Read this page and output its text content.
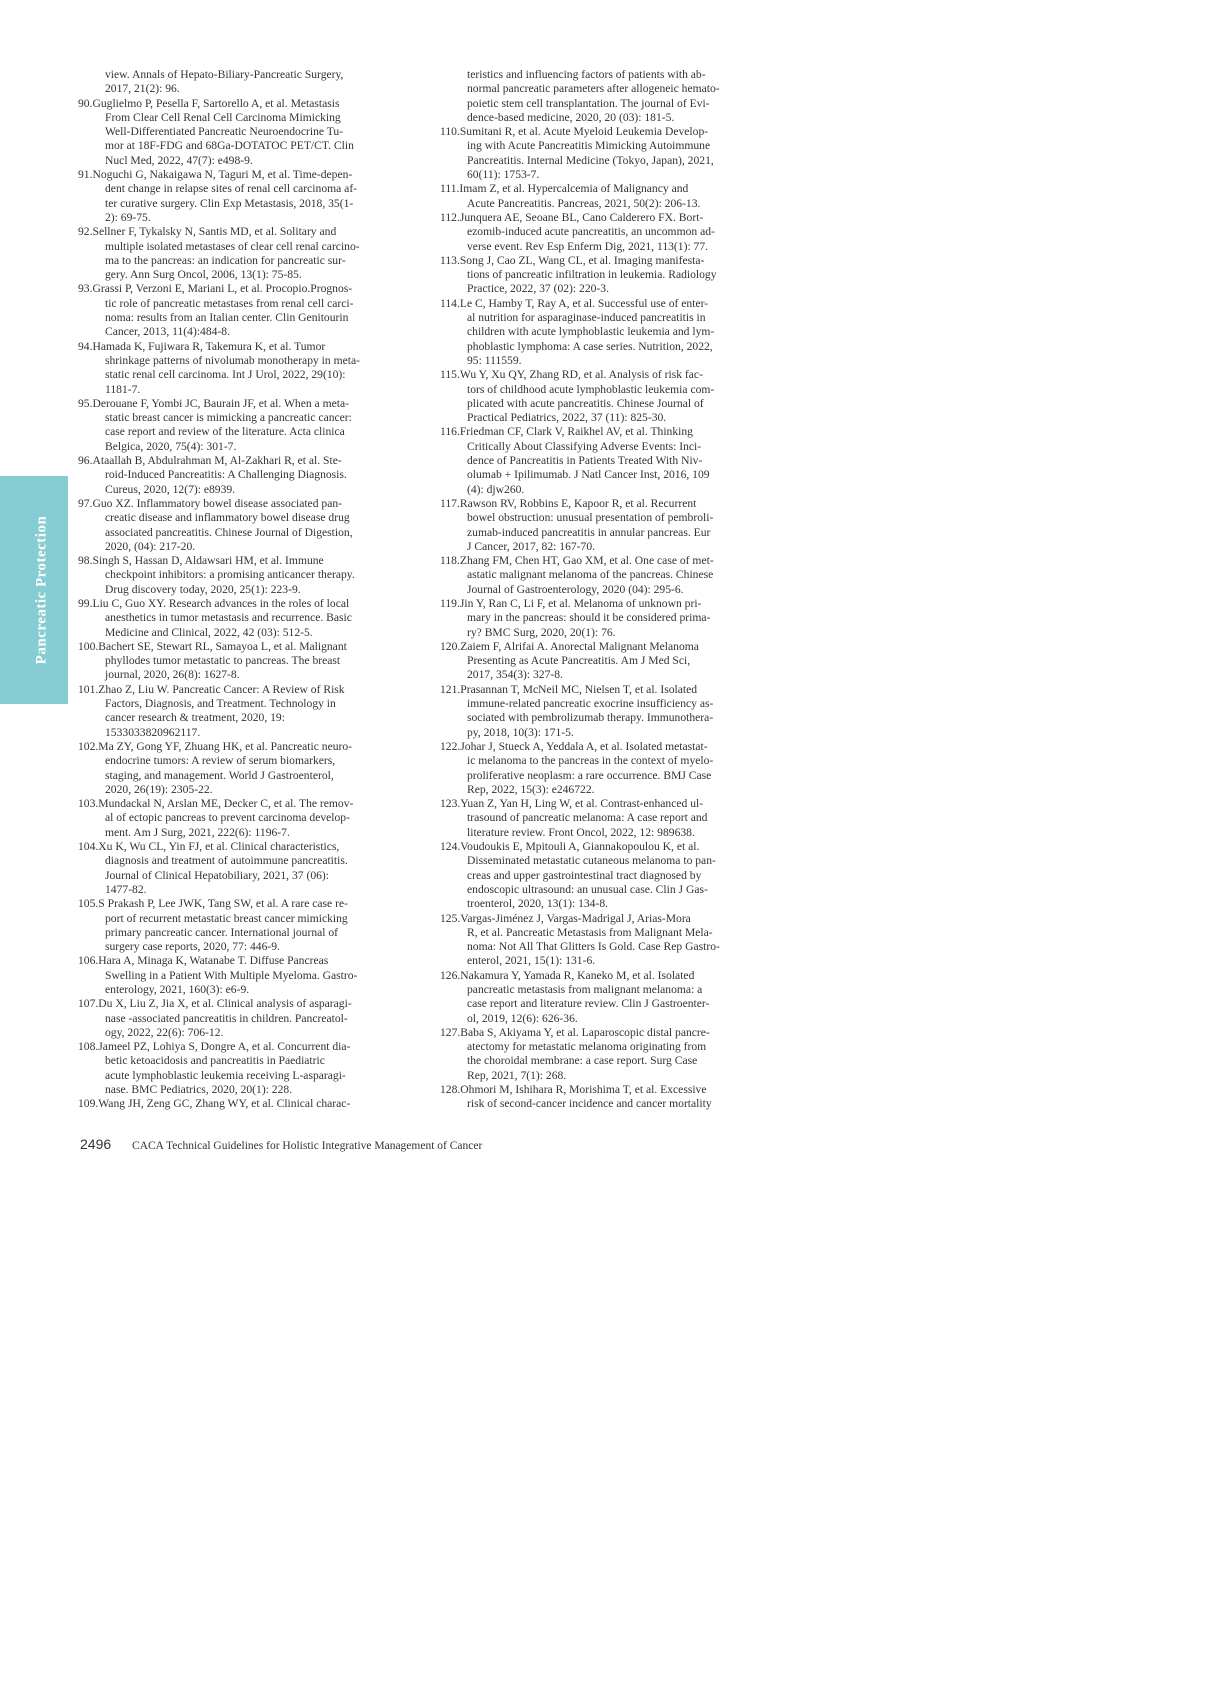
Pancreatic Protection
view. Annals of Hepato-Biliary-Pancreatic Surgery,
2017, 21(2): 96.
90.Guglielmo P, Pesella F, Sartorello A, et al. Metastasis
From Clear Cell Renal Cell Carcinoma Mimicking
Well-Differentiated Pancreatic Neuroendocrine Tu-
mor at 18F-FDG and 68Ga-DOTATOC PET/CT. Clin
Nucl Med, 2022, 47(7): e498-9.
91.Noguchi G, Nakaigawa N, Taguri M, et al. Time-depen-
dent change in relapse sites of renal cell carcinoma af-
ter curative surgery. Clin Exp Metastasis, 2018, 35(1-
2): 69-75.
92.Sellner F, Tykalsky N, Santis MD, et al. Solitary and
multiple isolated metastases of clear cell renal carcino-
ma to the pancreas: an indication for pancreatic sur-
gery. Ann Surg Oncol, 2006, 13(1): 75-85.
93.Grassi P, Verzoni E, Mariani L, et al. Procopio.Prognos-
tic role of pancreatic metastases from renal cell carci-
noma: results from an Italian center. Clin Genitourin
Cancer, 2013, 11(4):484-8.
94.Hamada K, Fujiwara R, Takemura K, et al. Tumor
shrinkage patterns of nivolumab monotherapy in meta-
static renal cell carcinoma. Int J Urol, 2022, 29(10):
1181-7.
95.Derouane F, Yombi JC, Baurain JF, et al. When a meta-
static breast cancer is mimicking a pancreatic cancer:
case report and review of the literature. Acta clinica
Belgica, 2020, 75(4): 301-7.
96.Ataallah B, Abdulrahman M, Al-Zakhari R, et al. Ste-
roid-Induced Pancreatitis: A Challenging Diagnosis.
Cureus, 2020, 12(7): e8939.
97.Guo XZ. Inflammatory bowel disease associated pan-
creatic disease and inflammatory bowel disease drug
associated pancreatitis. Chinese Journal of Digestion,
2020, (04): 217-20.
98.Singh S, Hassan D, Aldawsari HM, et al. Immune
checkpoint inhibitors: a promising anticancer therapy.
Drug discovery today, 2020, 25(1): 223-9.
99.Liu C, Guo XY. Research advances in the roles of local
anesthetics in tumor metastasis and recurrence. Basic
Medicine and Clinical, 2022, 42 (03): 512-5.
100.Bachert SE, Stewart RL, Samayoa L, et al. Malignant
phyllodes tumor metastatic to pancreas. The breast
journal, 2020, 26(8): 1627-8.
101.Zhao Z, Liu W. Pancreatic Cancer: A Review of Risk
Factors, Diagnosis, and Treatment. Technology in
cancer research & treatment, 2020, 19:
1533033820962117.
102.Ma ZY, Gong YF, Zhuang HK, et al. Pancreatic neuro-
endocrine tumors: A review of serum biomarkers,
staging, and management. World J Gastroenterol,
2020, 26(19): 2305-22.
103.Mundackal N, Arslan ME, Decker C, et al. The remov-
al of ectopic pancreas to prevent carcinoma develop-
ment. Am J Surg, 2021, 222(6): 1196-7.
104.Xu K, Wu CL, Yin FJ, et al. Clinical characteristics,
diagnosis and treatment of autoimmune pancreatitis.
Journal of Clinical Hepatobiliary, 2021, 37 (06):
1477-82.
105.S Prakash P, Lee JWK, Tang SW, et al. A rare case re-
port of recurrent metastatic breast cancer mimicking
primary pancreatic cancer. International journal of
surgery case reports, 2020, 77: 446-9.
106.Hara A, Minaga K, Watanabe T. Diffuse Pancreas
Swelling in a Patient With Multiple Myeloma. Gastro-
enterology, 2021, 160(3): e6-9.
107.Du X, Liu Z, Jia X, et al. Clinical analysis of asparagi-
nase -associated pancreatitis in children. Pancreatol-
ogy, 2022, 22(6): 706-12.
108.Jameel PZ, Lohiya S, Dongre A, et al. Concurrent dia-
betic ketoacidosis and pancreatitis in Paediatric
acute lymphoblastic leukemia receiving L-asparagi-
nase. BMC Pediatrics, 2020, 20(1): 228.
109.Wang JH, Zeng GC, Zhang WY, et al. Clinical charac-
teristics and influencing factors of patients with ab-
normal pancreatic parameters after allogeneic hemato-
poietic stem cell transplantation. The journal of Evi-
dence-based medicine, 2020, 20 (03): 181-5.
110.Sumitani R, et al. Acute Myeloid Leukemia Develop-
ing with Acute Pancreatitis Mimicking Autoimmune
Pancreatitis. Internal Medicine (Tokyo, Japan), 2021,
60(11): 1753-7.
111.Imam Z, et al. Hypercalcemia of Malignancy and
Acute Pancreatitis. Pancreas, 2021, 50(2): 206-13.
112.Junquera AE, Seoane BL, Cano Calderero FX. Bort-
ezomib-induced acute pancreatitis, an uncommon ad-
verse event. Rev Esp Enferm Dig, 2021, 113(1): 77.
113.Song J, Cao ZL, Wang CL, et al. Imaging manifesta-
tions of pancreatic infiltration in leukemia. Radiology
Practice, 2022, 37 (02): 220-3.
114.Le C, Hamby T, Ray A, et al. Successful use of enter-
al nutrition for asparaginase-induced pancreatitis in
children with acute lymphoblastic leukemia and lym-
phoblastic lymphoma: A case series. Nutrition, 2022,
95: 111559.
115.Wu Y, Xu QY, Zhang RD, et al. Analysis of risk fac-
tors of childhood acute lymphoblastic leukemia com-
plicated with acute pancreatitis. Chinese Journal of
Practical Pediatrics, 2022, 37 (11): 825-30.
116.Friedman CF, Clark V, Raikhel AV, et al. Thinking
Critically About Classifying Adverse Events: Inci-
dence of Pancreatitis in Patients Treated With Niv-
olumab + Ipilimumab. J Natl Cancer Inst, 2016, 109
(4): djw260.
117.Rawson RV, Robbins E, Kapoor R, et al. Recurrent
bowel obstruction: unusual presentation of pembroli-
zumab-induced pancreatitis in annular pancreas. Eur
J Cancer, 2017, 82: 167-70.
118.Zhang FM, Chen HT, Gao XM, et al. One case of met-
astatic malignant melanoma of the pancreas. Chinese
Journal of Gastroenterology, 2020 (04): 295-6.
119.Jin Y, Ran C, Li F, et al. Melanoma of unknown pri-
mary in the pancreas: should it be considered prima-
ry? BMC Surg, 2020, 20(1): 76.
120.Zaiem F, Alrifai A. Anorectal Malignant Melanoma
Presenting as Acute Pancreatitis. Am J Med Sci,
2017, 354(3): 327-8.
121.Prasannan T, McNeil MC, Nielsen T, et al. Isolated
immune-related pancreatic exocrine insufficiency as-
sociated with pembrolizumab therapy. Immunothera-
py, 2018, 10(3): 171-5.
122.Johar J, Stueck A, Yeddala A, et al. Isolated metastat-
ic melanoma to the pancreas in the context of myelo-
proliferative neoplasm: a rare occurrence. BMJ Case
Rep, 2022, 15(3): e246722.
123.Yuan Z, Yan H, Ling W, et al. Contrast-enhanced ul-
trasound of pancreatic melanoma: A case report and
literature review. Front Oncol, 2022, 12: 989638.
124.Voudoukis E, Mpitouli A, Giannakopoulou K, et al.
Disseminated metastatic cutaneous melanoma to pan-
creas and upper gastrointestinal tract diagnosed by
endoscopic ultrasound: an unusual case. Clin J Gas-
troenterol, 2020, 13(1): 134-8.
125.Vargas-Jiménez J, Vargas-Madrigal J, Arias-Mora
R, et al. Pancreatic Metastasis from Malignant Mela-
noma: Not All That Glitters Is Gold. Case Rep Gastro-
enterol, 2021, 15(1): 131-6.
126.Nakamura Y, Yamada R, Kaneko M, et al. Isolated
pancreatic metastasis from malignant melanoma: a
case report and literature review. Clin J Gastroenter-
ol, 2019, 12(6): 626-36.
127.Baba S, Akiyama Y, et al. Laparoscopic distal pancre-
atectomy for metastatic melanoma originating from
the choroidal membrane: a case report. Surg Case
Rep, 2021, 7(1): 268.
128.Ohmori M, Ishihara R, Morishima T, et al. Excessive
risk of second-cancer incidence and cancer mortality
2496 CACA Technical Guidelines for Holistic Integrative Management of Cancer
